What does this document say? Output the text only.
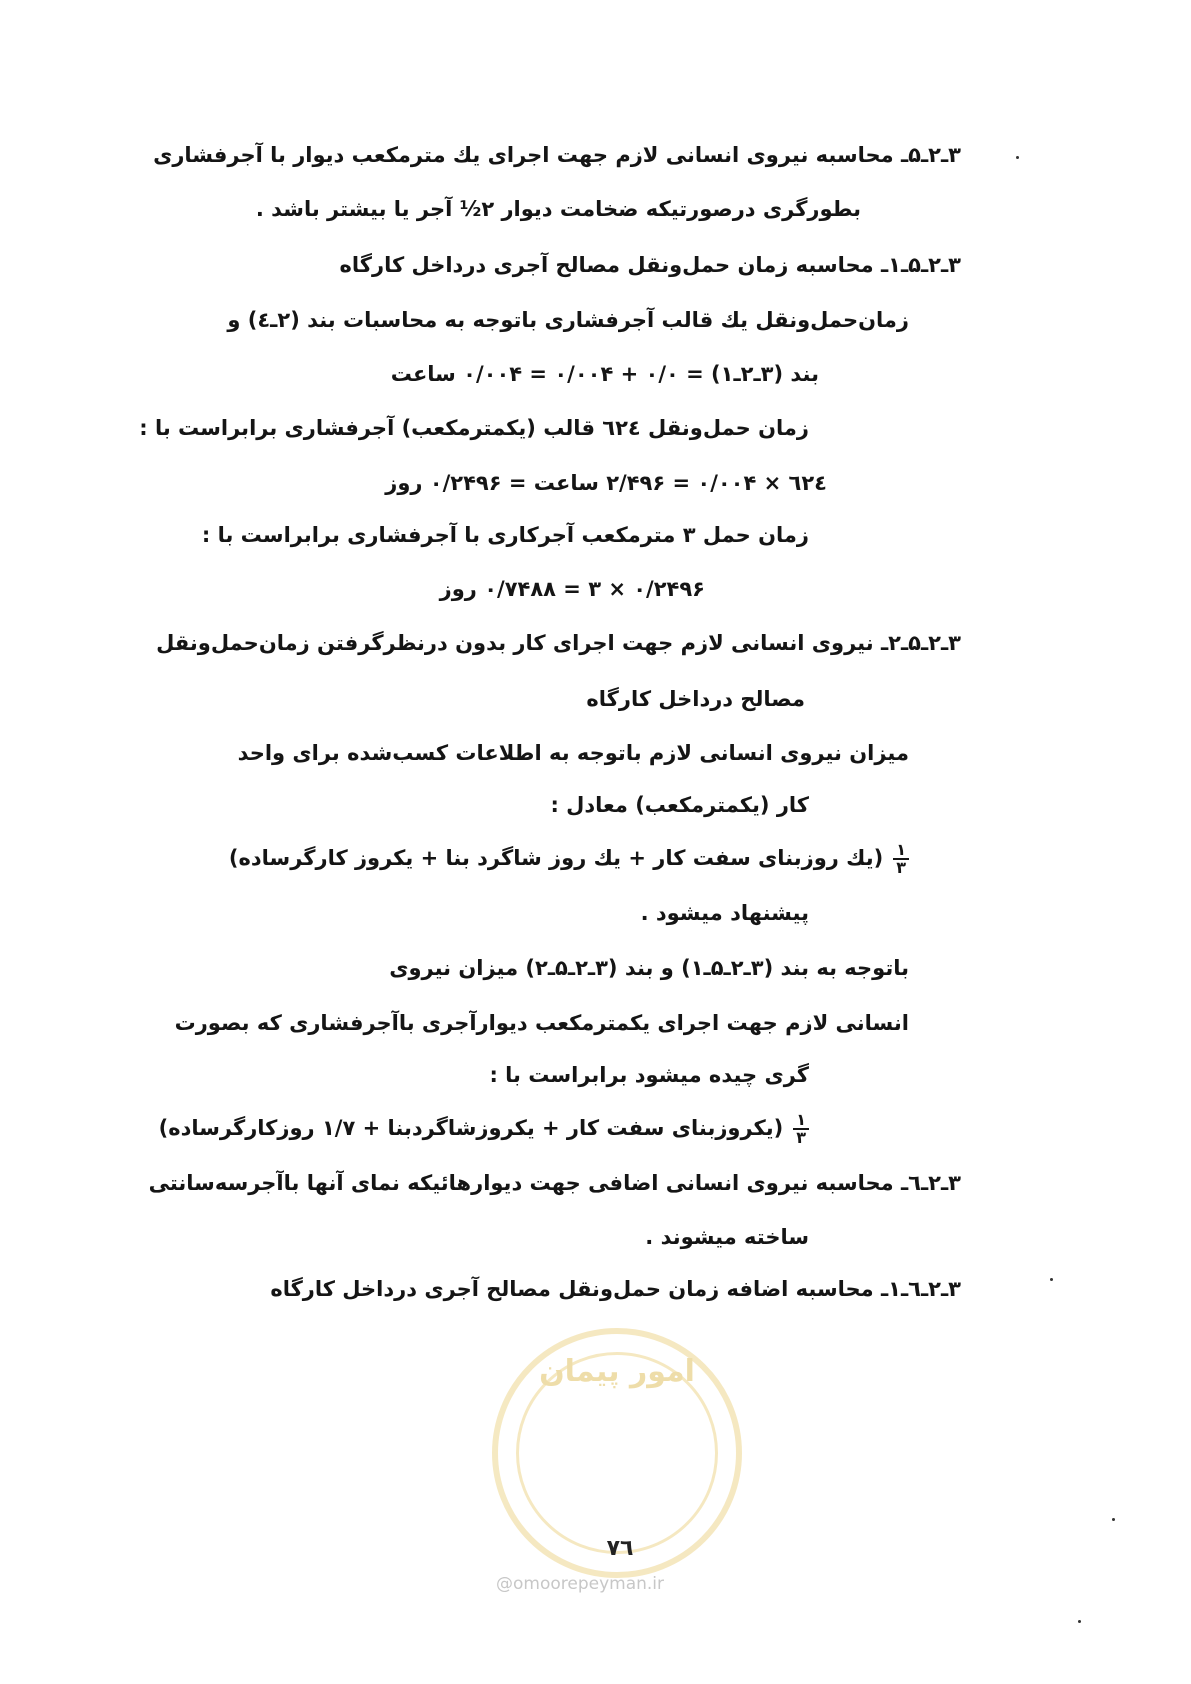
۳ـ۲ـ۵ـ محاسبه نیروی انسانی لازم جهت اجرای یك مترمكعب دیوار با آجرفشاری
بطورگری درصورتیكه ضخامت دیوار ۲½ آجر یا بیشتر باشد .
۳ـ۲ـ۵ـ۱ـ محاسبه زمان حمل‌ونقل مصالح آجری درداخل كارگاه
زمان‌حمل‌ونقل یك قالب آجرفشاری باتوجه به محاسبات بند (۲ـ٤) و
بند (۳ـ۲ـ۱) = ۰/۰ + ۰/۰۰۴ = ۰/۰۰۴ ساعت
زمان حمل‌ونقل ٦۲٤ قالب (یكمترمكعب) آجرفشاری برابراست با :
٦۲٤ × ۰/۰۰۴ = ۲/۴۹۶ ساعت = ۰/۲۴۹۶ روز
زمان حمل ۳ مترمكعب آجركاری با آجرفشاری برابراست با :
۰/۲۴۹۶ × ۳ = ۰/۷۴۸۸ روز
۳ـ۲ـ۵ـ۲ـ نیروی انسانی لازم جهت اجرای كار بدون درنظرگرفتن زمان‌حمل‌ونقل
مصالح درداخل كارگاه
میزان نیروی انسانی لازم باتوجه به اطلاعات كسب‌شده برای واحد
كار (یكمترمكعب) معادل :
$\frac{۱}{۳}$
(یك روزبنای سفت كار + یك روز شاگرد بنا + یكروز كارگرساده)
پیشنهاد میشود .
باتوجه به بند (۳ـ۲ـ۵ـ۱) و بند (۳ـ۲ـ۵ـ۲) میزان نیروی
انسانی لازم جهت اجرای یكمترمكعب دیوارآجری باآجرفشاری كه بصورت
گری چیده میشود برابراست با :
$\frac{۱}{۳}$
(یكروزبنای سفت كار + یكروزشاگردبنا + ۱/۷ روزكارگرساده)
۳ـ۲ـ٦ـ محاسبه نیروی انسانی اضافی جهت دیوارهائیكه نمای آنها باآجرسه‌سانتی
ساخته میشوند .
۳ـ۲ـ٦ـ۱ـ محاسبه اضافه زمان حمل‌ونقل مصالح آجری درداخل كارگاه
امور پیمان
۷٦
@omoorepeyman.ir
